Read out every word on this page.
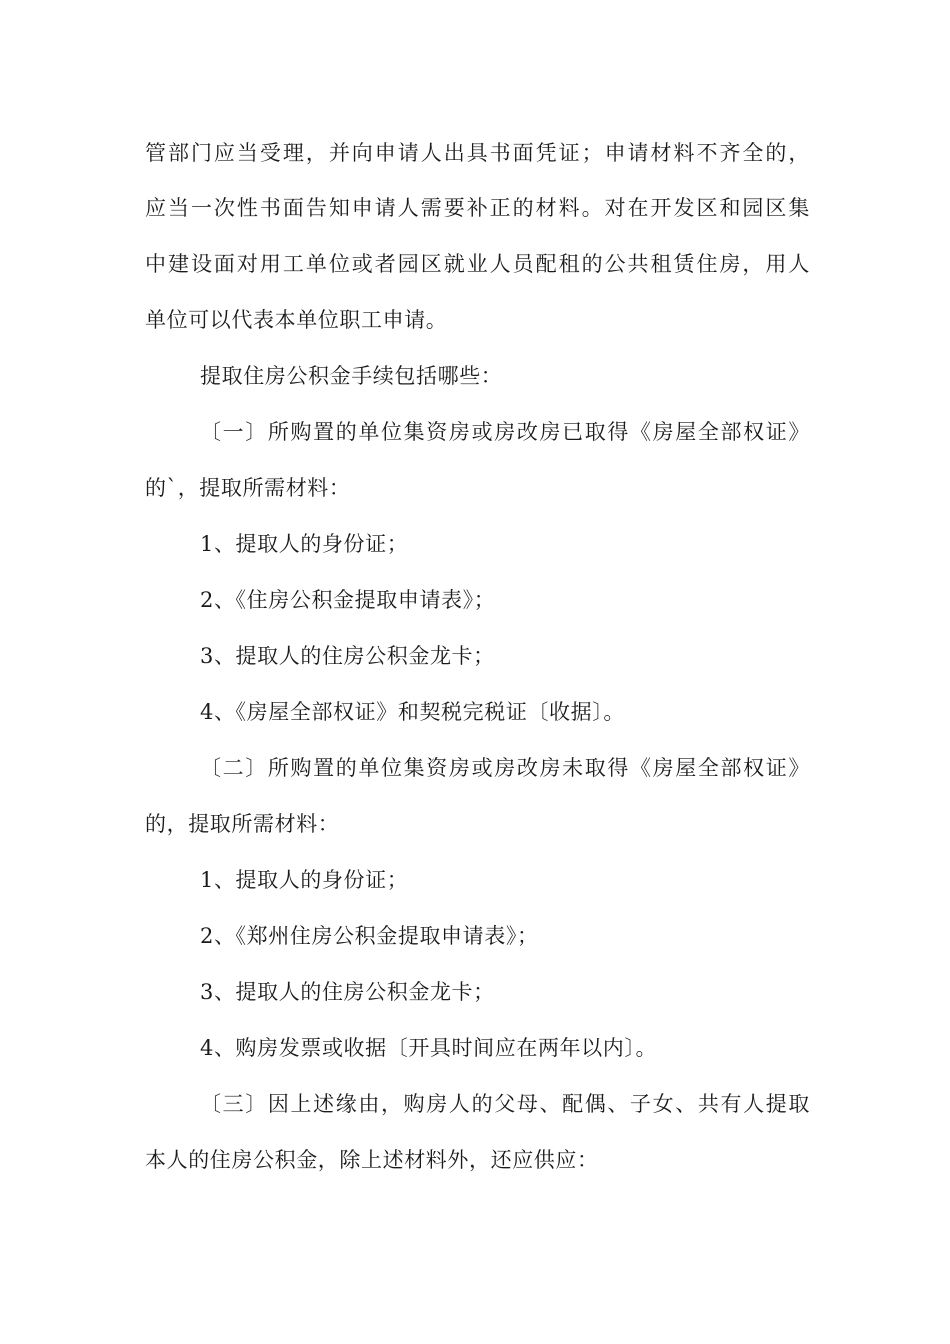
管部门应当受理，并向申请人出具书面凭证；申请材料不齐全的，
应当一次性书面告知申请人需要补正的材料。对在开发区和园区集
中建设面对用工单位或者园区就业人员配租的公共租赁住房，用人
单位可以代表本单位职工申请。
提取住房公积金手续包括哪些：
〔一〕所购置的单位集资房或房改房已取得《房屋全部权证》
的`，提取所需材料：
1、提取人的身份证；
2、《住房公积金提取申请表》；
3、提取人的住房公积金龙卡；
4、《房屋全部权证》和契税完税证〔收据〕。
〔二〕所购置的单位集资房或房改房未取得《房屋全部权证》
的，提取所需材料：
1、提取人的身份证；
2、《郑州住房公积金提取申请表》；
3、提取人的住房公积金龙卡；
4、购房发票或收据〔开具时间应在两年以内〕。
〔三〕因上述缘由，购房人的父母、配偶、子女、共有人提取
本人的住房公积金，除上述材料外，还应供应：
